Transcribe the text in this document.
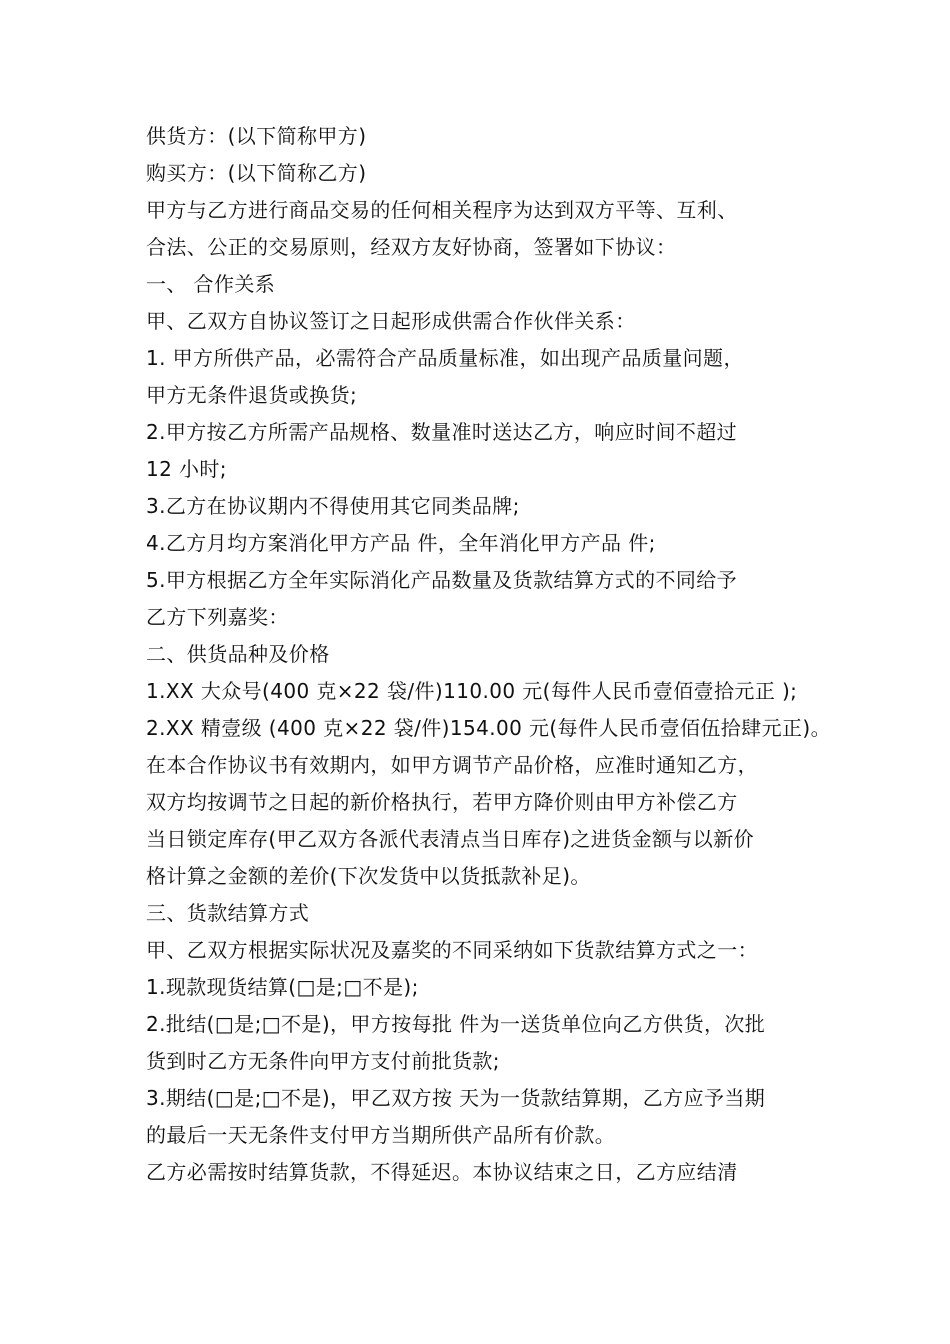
供货方：(以下简称甲方)
购买方：(以下简称乙方)
甲方与乙方进行商品交易的任何相关程序为达到双方平等、互利、
合法、公正的交易原则，经双方友好协商，签署如下协议：
一、 合作关系
甲、乙双方自协议签订之日起形成供需合作伙伴关系：
1. 甲方所供产品，必需符合产品质量标准，如出现产品质量问题，
甲方无条件退货或换货;
2.甲方按乙方所需产品规格、数量准时送达乙方，响应时间不超过
12 小时;
3.乙方在协议期内不得使用其它同类品牌;
4.乙方月均方案消化甲方产品 件，全年消化甲方产品 件;
5.甲方根据乙方全年实际消化产品数量及货款结算方式的不同给予
乙方下列嘉奖：
二、供货品种及价格
1.XX 大众号(400 克×22 袋/件)110.00 元(每件人民币壹佰壹拾元正 );
2.XX 精壹级 (400 克×22 袋/件)154.00 元(每件人民币壹佰伍拾肆元正)。
在本合作协议书有效期内，如甲方调节产品价格，应准时通知乙方，
双方均按调节之日起的新价格执行，若甲方降价则由甲方补偿乙方
当日锁定库存(甲乙双方各派代表清点当日库存)之进货金额与以新价
格计算之金额的差价(下次发货中以货抵款补足)。
三、货款结算方式
甲、乙双方根据实际状况及嘉奖的不同采纳如下货款结算方式之一：
1.现款现货结算(□是;□不是);
2.批结(□是;□不是)，甲方按每批 件为一送货单位向乙方供货，次批
货到时乙方无条件向甲方支付前批货款;
3.期结(□是;□不是)，甲乙双方按 天为一货款结算期，乙方应予当期
的最后一天无条件支付甲方当期所供产品所有价款。
乙方必需按时结算货款，不得延迟。本协议结束之日，乙方应结清
